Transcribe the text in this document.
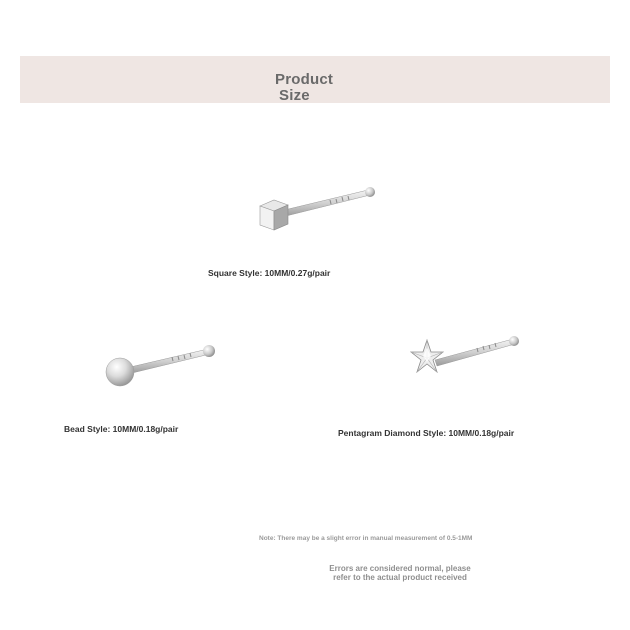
Product
Size
Square Style: 10MM/0.27g/pair
Bead Style: 10MM/0.18g/pair	Pentagram Diamond Style: 10MM/0.18g/pair
Note: There may be a slight error in manual measurement of 0.5-1MM
Errors are considered normal, please
refer to the actual product received
